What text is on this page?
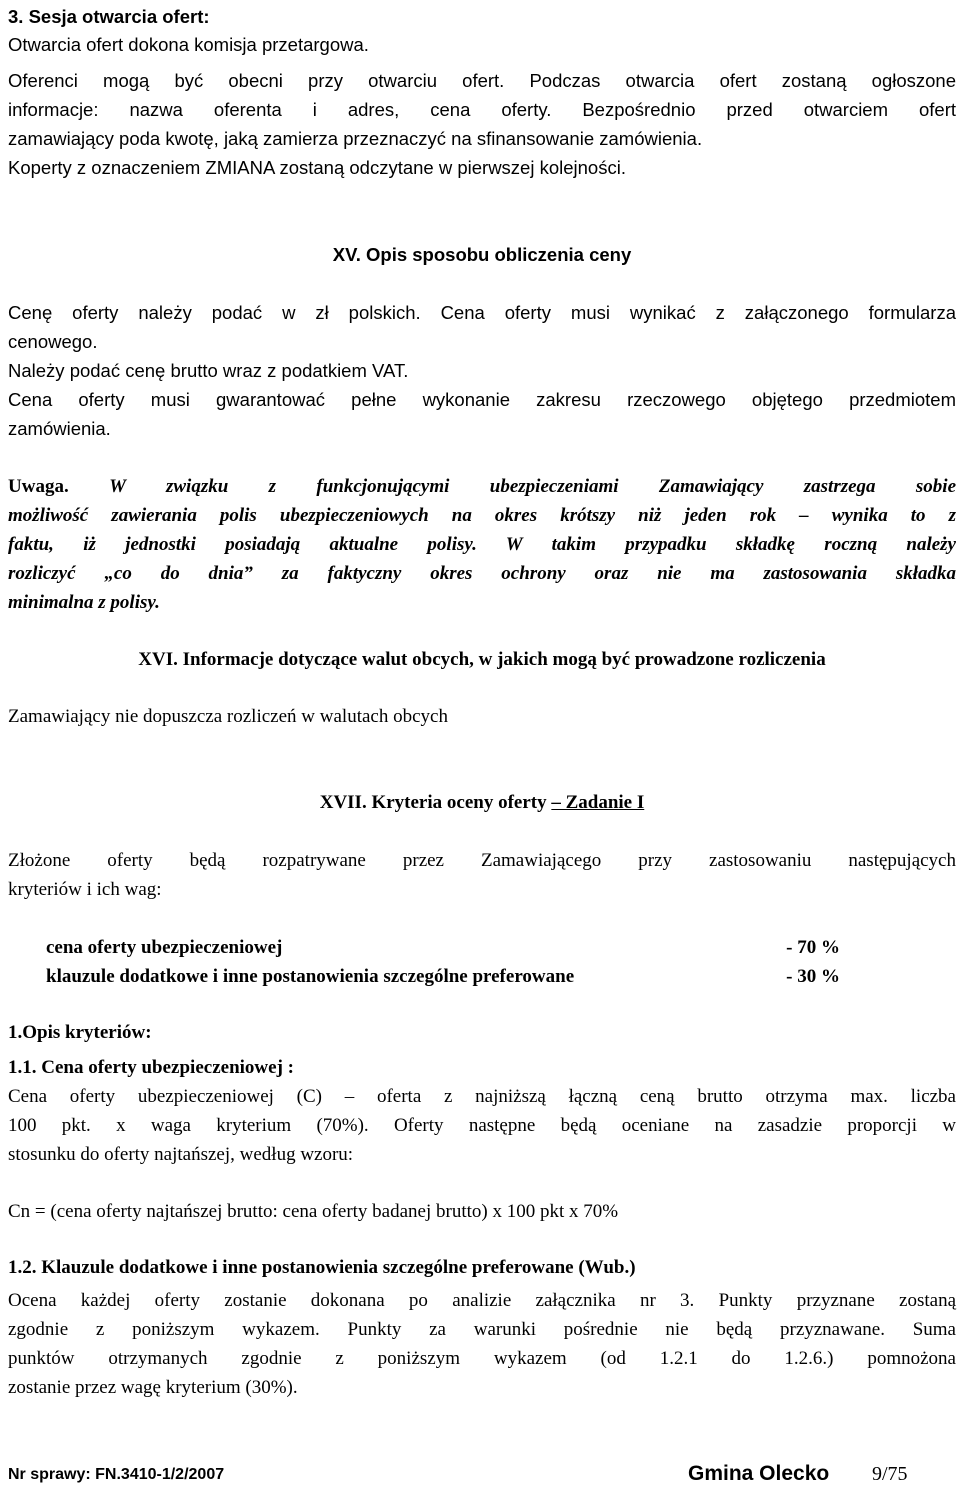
3. Sesja otwarcia ofert:
Otwarcia ofert dokona komisja przetargowa.
Oferenci mogą być obecni przy otwarciu ofert. Podczas otwarcia ofert zostaną ogłoszone
informacje: nazwa oferenta i adres, cena oferty. Bezpośrednio przed otwarciem ofert
zamawiający poda kwotę, jaką zamierza przeznaczyć na sfinansowanie zamówienia.
Koperty z oznaczeniem ZMIANA zostaną odczytane w pierwszej kolejności.
XV. Opis sposobu obliczenia ceny
Cenę oferty należy podać w zł polskich. Cena oferty musi wynikać z załączonego formularza
cenowego.
Należy podać cenę brutto wraz z podatkiem VAT.
Cena oferty musi gwarantować pełne wykonanie zakresu rzeczowego objętego przedmiotem
zamówienia.
Uwaga. W związku z funkcjonującymi ubezpieczeniami Zamawiający zastrzega sobie
możliwość zawierania polis ubezpieczeniowych na okres krótszy niż jeden rok – wynika to z
faktu, iż jednostki posiadają aktualne polisy. W takim przypadku składkę roczną należy
rozliczyć „co do dnia” za faktyczny okres ochrony oraz nie ma zastosowania składka
minimalna z polisy.
XVI. Informacje dotyczące walut obcych, w jakich mogą być prowadzone rozliczenia
Zamawiający nie dopuszcza rozliczeń w walutach obcych
XVII. Kryteria oceny oferty – Zadanie I
Złożone oferty będą rozpatrywane przez Zamawiającego przy zastosowaniu następujących
kryteriów i ich wag:
cena oferty ubezpieczeniowej	- 70 %
klauzule dodatkowe i inne postanowienia szczególne preferowane	- 30 %
1.Opis kryteriów:
1.1. Cena oferty ubezpieczeniowej :
Cena oferty ubezpieczeniowej (C) – oferta z najniższą łączną ceną brutto otrzyma max. liczba
100 pkt. x waga kryterium (70%). Oferty następne będą oceniane na zasadzie proporcji w
stosunku do oferty najtańszej, według wzoru:
Cn = (cena oferty najtańszej brutto: cena oferty badanej brutto) x 100 pkt x 70%
1.2. Klauzule dodatkowe i inne postanowienia szczególne preferowane (Wub.)
Ocena każdej oferty zostanie dokonana po analizie załącznika nr 3. Punkty przyznane zostaną
zgodnie z poniższym wykazem. Punkty za warunki pośrednie nie będą przyznawane. Suma
punktów otrzymanych zgodnie z poniższym wykazem (od 1.2.1 do 1.2.6.) pomnożona
zostanie przez wagę kryterium (30%).
Nr sprawy: FN.3410-1/2/2007	Gmina Olecko 9/75
